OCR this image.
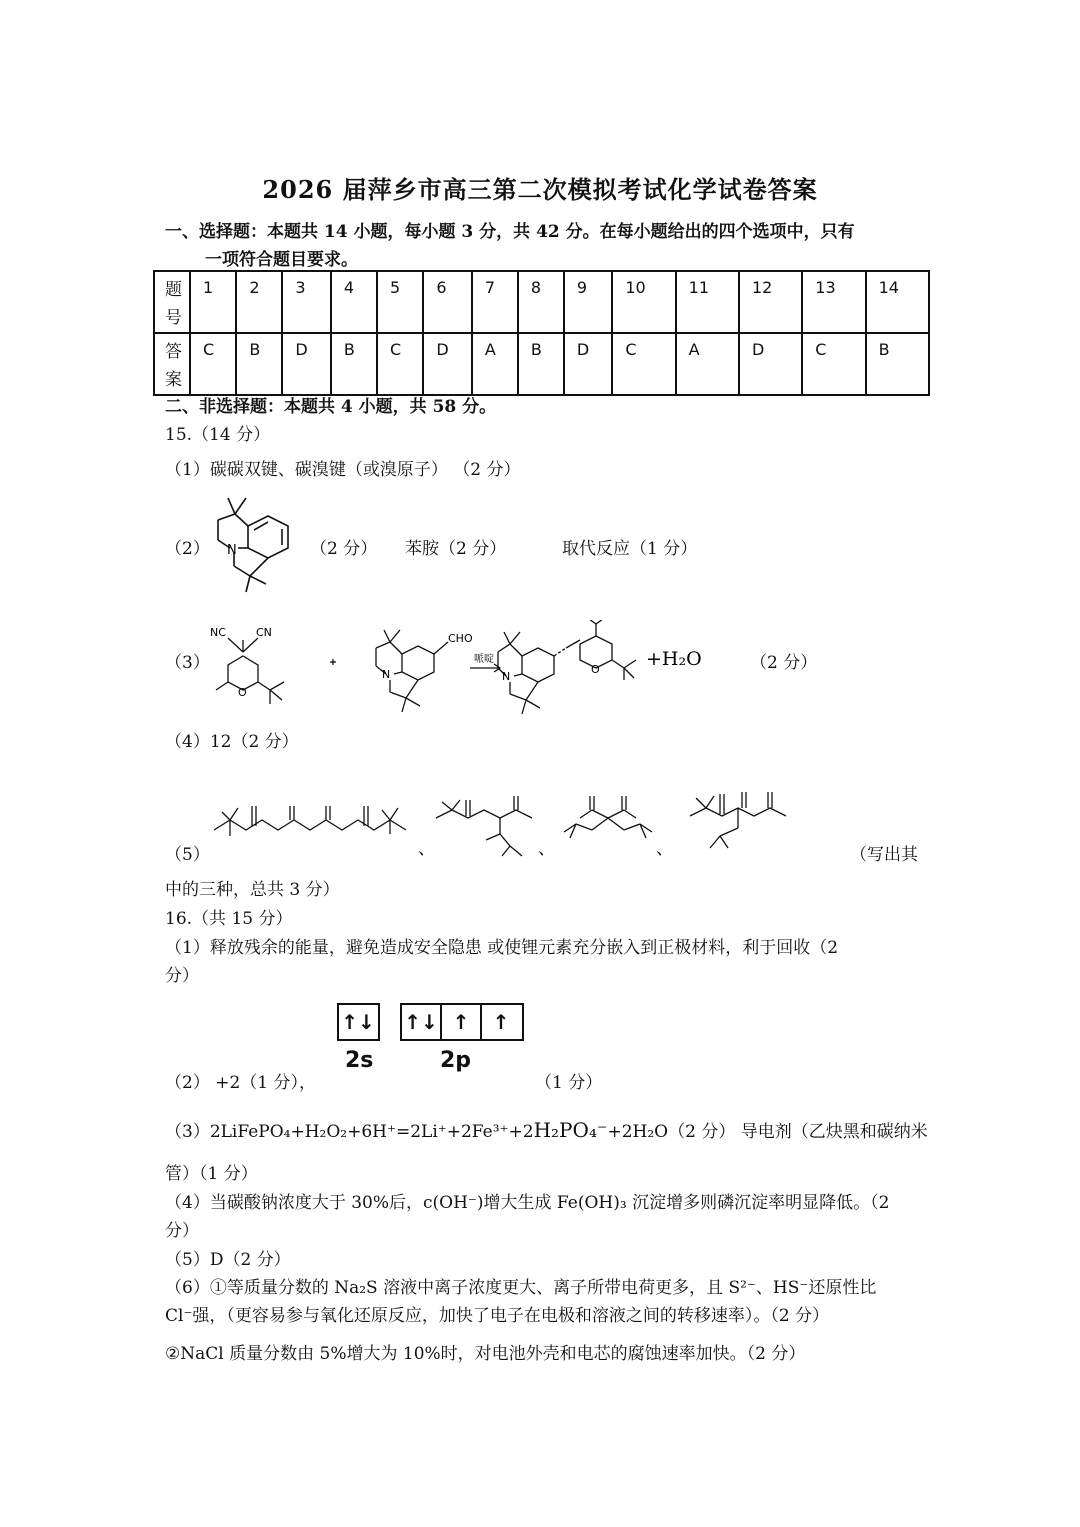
2026 届萍乡市高三第二次模拟考试化学试卷答案
一、选择题：本题共 14 小题，每小题 3 分，共 42 分。在每小题给出的四个选项中，只有
一项符合题目要求。
题号	1	2	3	4	5	6	7	8	9	10	11	12	13	14
答案	C	B	D	B	C	D	A	B	D	C	A	D	C	B
二、非选择题：本题共 4 小题，共 58 分。
15.（14 分）
（1）碳碳双键、碳溴键（或溴原子） （2 分）
（2） N	（2 分） 苯胺（2 分）	取代反应（1 分）
（3）
NC	CN
O
CHO
N
哌啶
N
O +H₂O	（2 分）
（4）12（2 分）
（5）	、	、	、	（写出其
中的三种，总共 3 分）
16.（共 15 分）
（1）释放残余的能量，避免造成安全隐患 或使锂元素充分嵌入到正极材料，利于回收（2
分）
↑↓ ↑↓ ↑	↑
2s	2p
（2） +2（1 分），	（1 分）
（3）2LiFePO₄+H₂O₂+6H⁺=2Li⁺+2Fe³⁺+2H₂PO₄⁻+2H₂O（2 分） 导电剂（乙炔黑和碳纳米
管）（1 分）
（4）当碳酸钠浓度大于 30%后，c(OH⁻)增大生成 Fe(OH)₃ 沉淀增多则磷沉淀率明显降低。（2
分）
（5）D（2 分）
（6）①等质量分数的 Na₂S 溶液中离子浓度更大、离子所带电荷更多，且 S²⁻、HS⁻还原性比
Cl⁻强，（更容易参与氧化还原反应，加快了电子在电极和溶液之间的转移速率）。（2 分）
②NaCl 质量分数由 5%增大为 10%时，对电池外壳和电芯的腐蚀速率加快。（2 分）
